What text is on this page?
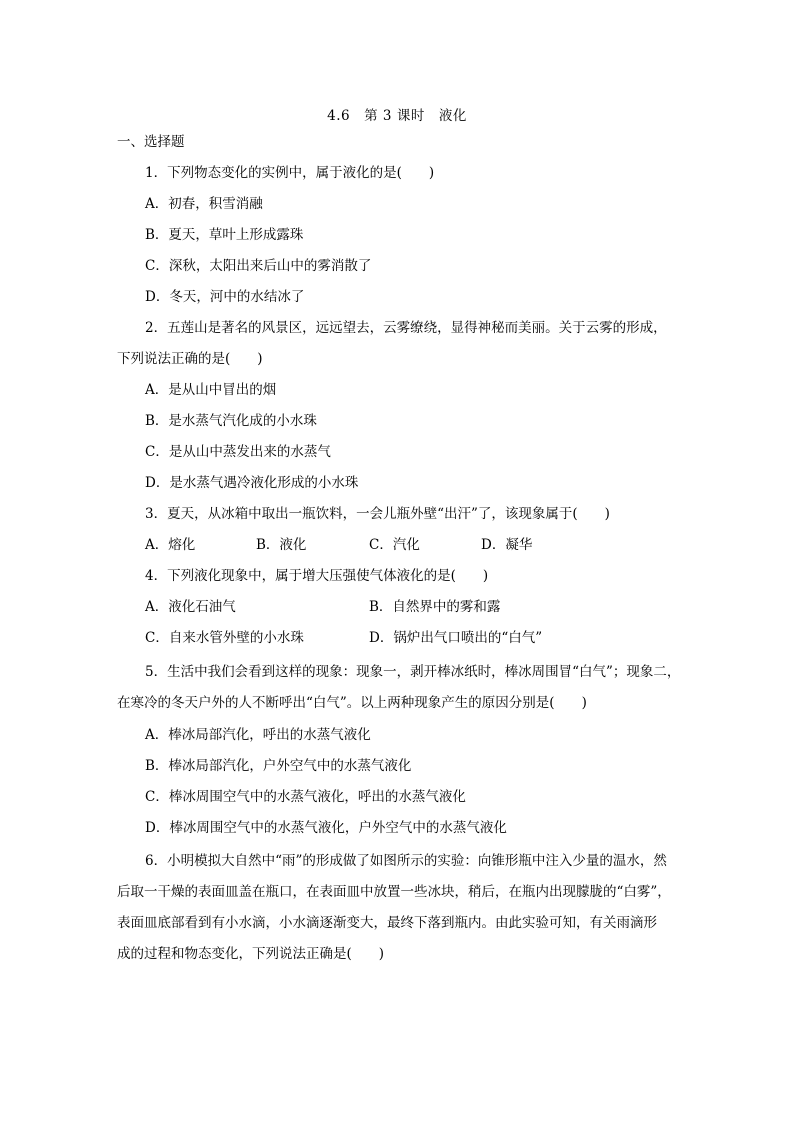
4.6　第 3 课时　液化
一、选择题
1．下列物态变化的实例中，属于液化的是(　　)
A．初春，积雪消融
B．夏天，草叶上形成露珠
C．深秋，太阳出来后山中的雾消散了
D．冬天，河中的水结冰了
2．五莲山是著名的风景区，远远望去，云雾缭绕，显得神秘而美丽。关于云雾的形成，
下列说法正确的是(　　)
A．是从山中冒出的烟
B．是水蒸气汽化成的小水珠
C．是从山中蒸发出来的水蒸气
D．是水蒸气遇冷液化形成的小水珠
3．夏天，从冰箱中取出一瓶饮料，一会儿瓶外壁“出汗”了，该现象属于(　　)
A．熔化	B．液化	C．汽化	D．凝华
4．下列液化现象中，属于增大压强使气体液化的是(　　)
A．液化石油气	B．自然界中的雾和露
C．自来水管外壁的小水珠	D．锅炉出气口喷出的“白气”
5．生活中我们会看到这样的现象：现象一，剥开棒冰纸时，棒冰周围冒“白气”；现象二，
在寒冷的冬天户外的人不断呼出“白气”。以上两种现象产生的原因分别是(　　)
A．棒冰局部汽化，呼出的水蒸气液化
B．棒冰局部汽化，户外空气中的水蒸气液化
C．棒冰周围空气中的水蒸气液化，呼出的水蒸气液化
D．棒冰周围空气中的水蒸气液化，户外空气中的水蒸气液化
6．小明模拟大自然中“雨”的形成做了如图所示的实验：向锥形瓶中注入少量的温水，然
后取一干燥的表面皿盖在瓶口，在表面皿中放置一些冰块，稍后，在瓶内出现朦胧的“白雾”，
表面皿底部看到有小水滴，小水滴逐渐变大，最终下落到瓶内。由此实验可知，有关雨滴形
成的过程和物态变化，下列说法正确是(　　)
